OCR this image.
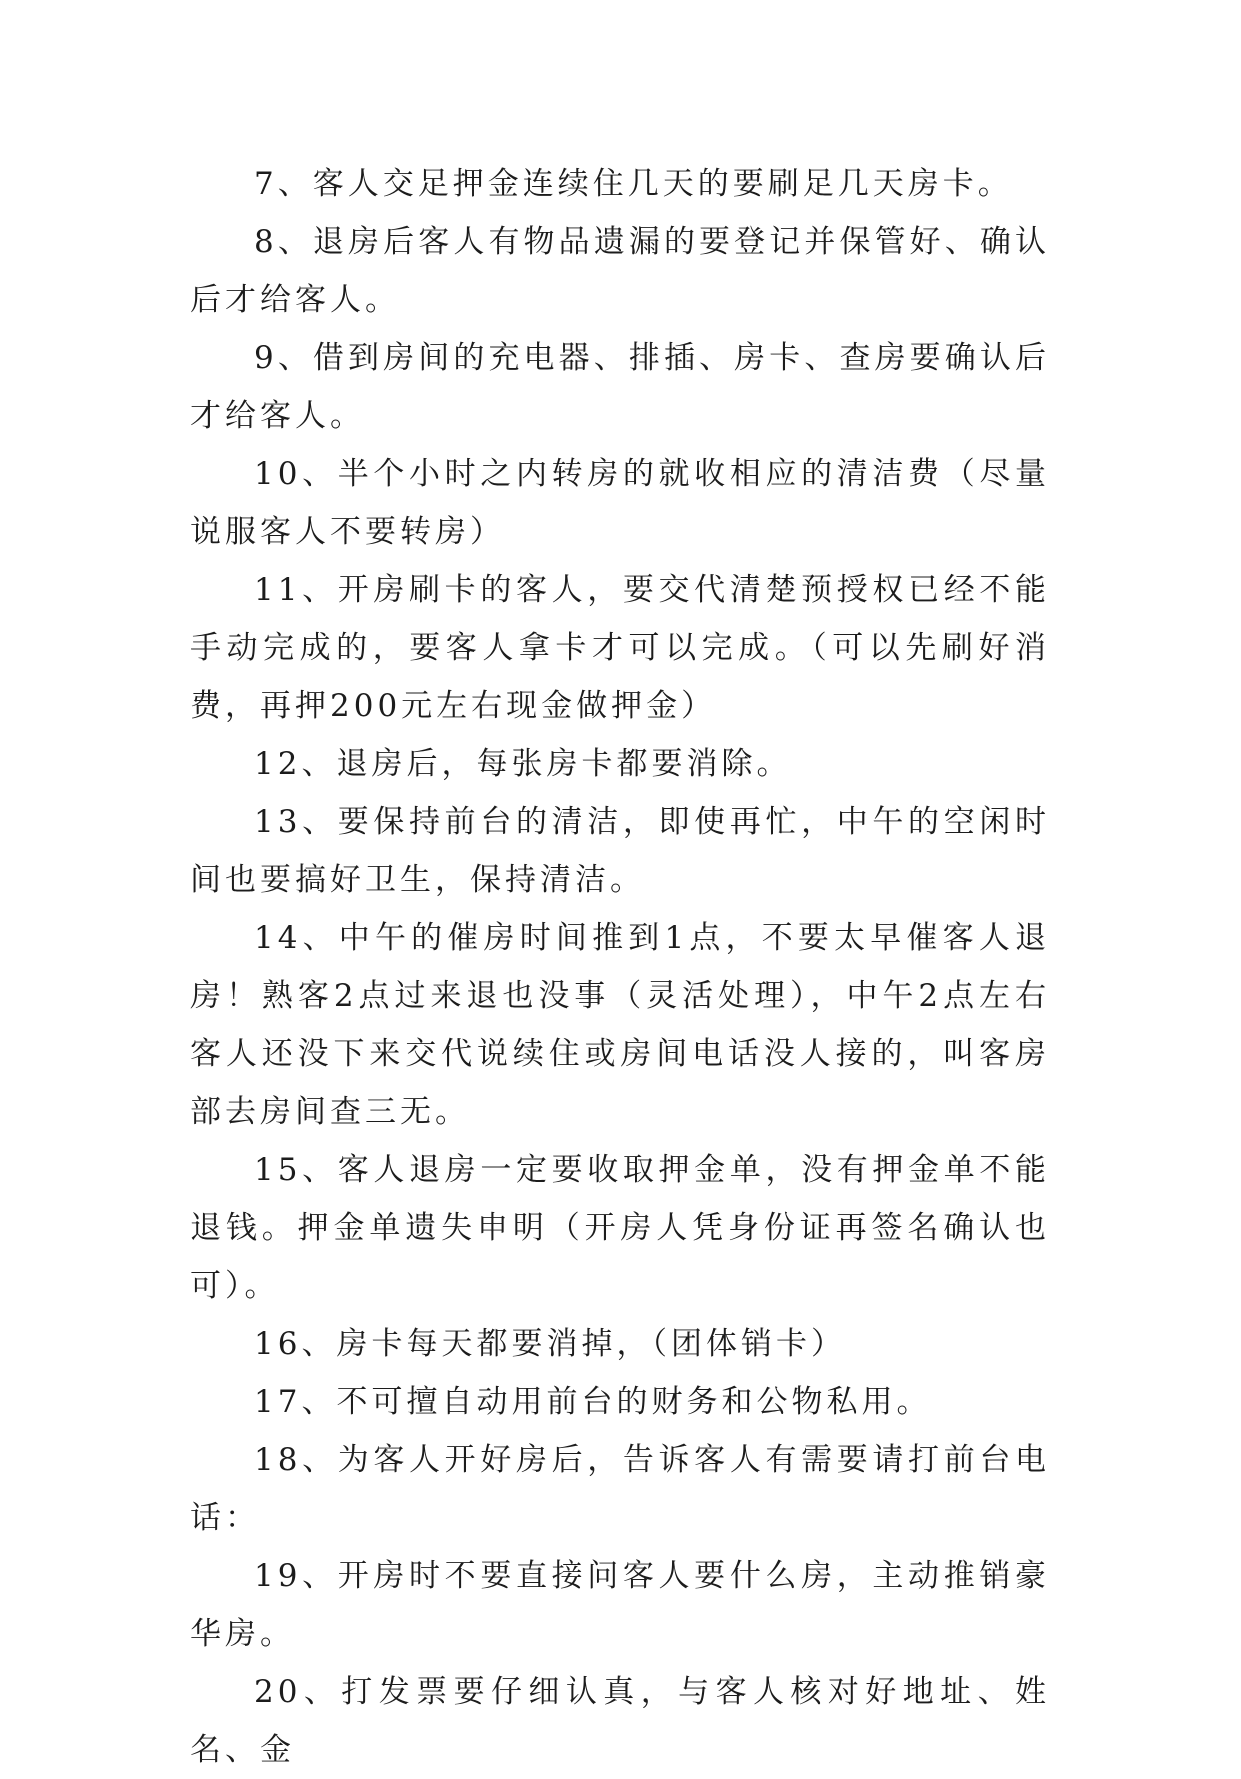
7、客人交足押金连续住几天的要刷足几天房卡。

8、退房后客人有物品遗漏的要登记并保管好、确认后才给客人。

9、借到房间的充电器、排插、房卡、查房要确认后才给客人。

10、半个小时之内转房的就收相应的清洁费（尽量说服客人不要转房）

11、开房刷卡的客人，要交代清楚预授权已经不能手动完成的，要客人拿卡才可以完成。（可以先刷好消费，再押200元左右现金做押金）

12、退房后，每张房卡都要消除。

13、要保持前台的清洁，即使再忙，中午的空闲时间也要搞好卫生，保持清洁。

14、中午的催房时间推到1点，不要太早催客人退房！熟客2点过来退也没事（灵活处理），中午2点左右客人还没下来交代说续住或房间电话没人接的，叫客房部去房间查三无。

15、客人退房一定要收取押金单，没有押金单不能退钱。押金单遗失申明（开房人凭身份证再签名确认也可）。

16、房卡每天都要消掉，（团体销卡）

17、不可擅自动用前台的财务和公物私用。

18、为客人开好房后，告诉客人有需要请打前台电话：

19、开房时不要直接问客人要什么房，主动推销豪华房。

20、打发票要仔细认真，与客人核对好地址、姓名、金
